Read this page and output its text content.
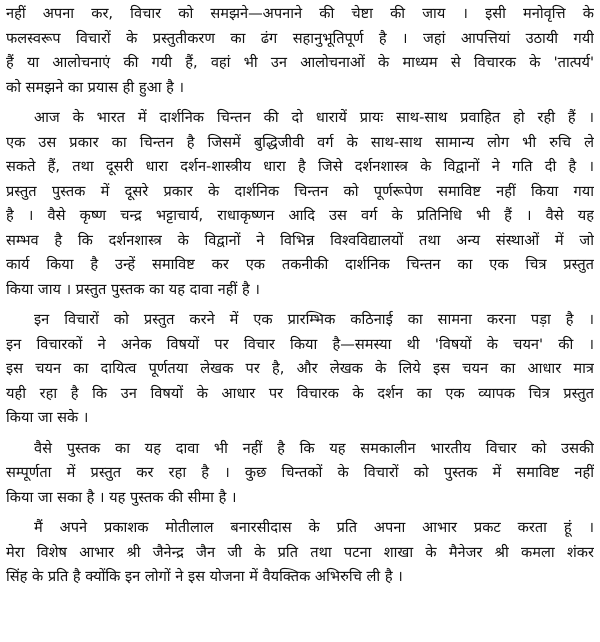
नहीं अपना कर, विचार को समझने—अपनाने की चेष्टा की जाय । इसी मनोवृत्ति के
फलस्वरूप विचारों के प्रस्तुतीकरण का ढंग सहानुभूतिपूर्ण है । जहां आपत्तियां उठायी गयी
हैं या आलोचनाएं की गयी हैं, वहां भी उन आलोचनाओं के माध्यम से विचारक के 'तात्पर्य'
को समझने का प्रयास ही हुआ है ।
आज के भारत में दार्शनिक चिन्तन की दो धारायें प्रायः साथ-साथ प्रवाहित हो रही हैं ।
एक उस प्रकार का चिन्तन है जिसमें बुद्धिजीवी वर्ग के साथ-साथ सामान्य लोग भी रुचि ले
सकते हैं, तथा दूसरी धारा दर्शन-शास्त्रीय धारा है जिसे दर्शनशास्त्र के विद्वानों ने गति दी है ।
प्रस्तुत पुस्तक में दूसरे प्रकार के दार्शनिक चिन्तन को पूर्णरूपेण समाविष्ट नहीं किया गया
है । वैसे कृष्ण चन्द्र भट्टाचार्य, राधाकृष्णन आदि उस वर्ग के प्रतिनिधि भी हैं । वैसे यह
सम्भव है कि दर्शनशास्त्र के विद्वानों ने विभिन्न विश्वविद्यालयों तथा अन्य संस्थाओं में जो
कार्य किया है उन्हें समाविष्ट कर एक तकनीकी दार्शनिक चिन्तन का एक चित्र प्रस्तुत
किया जाय । प्रस्तुत पुस्तक का यह दावा नहीं है ।
इन विचारों को प्रस्तुत करने में एक प्रारम्भिक कठिनाई का सामना करना पड़ा है ।
इन विचारकों ने अनेक विषयों पर विचार किया है—समस्या थी 'विषयों के चयन' की ।
इस चयन का दायित्व पूर्णतया लेखक पर है, और लेखक के लिये इस चयन का आधार मात्र
यही रहा है कि उन विषयों के आधार पर विचारक के दर्शन का एक व्यापक चित्र प्रस्तुत
किया जा सके ।
वैसे पुस्तक का यह दावा भी नहीं है कि यह समकालीन भारतीय विचार को उसकी
सम्पूर्णता में प्रस्तुत कर रहा है । कुछ चिन्तकों के विचारों को पुस्तक में समाविष्ट नहीं
किया जा सका है । यह पुस्तक की सीमा है ।
मैं अपने प्रकाशक मोतीलाल बनारसीदास के प्रति अपना आभार प्रकट करता हूं ।
मेरा विशेष आभार श्री जैनेन्द्र जैन जी के प्रति तथा पटना शाखा के मैनेजर श्री कमला शंकर
सिंह के प्रति है क्योंकि इन लोगों ने इस योजना में वैयक्तिक अभिरुचि ली है ।
